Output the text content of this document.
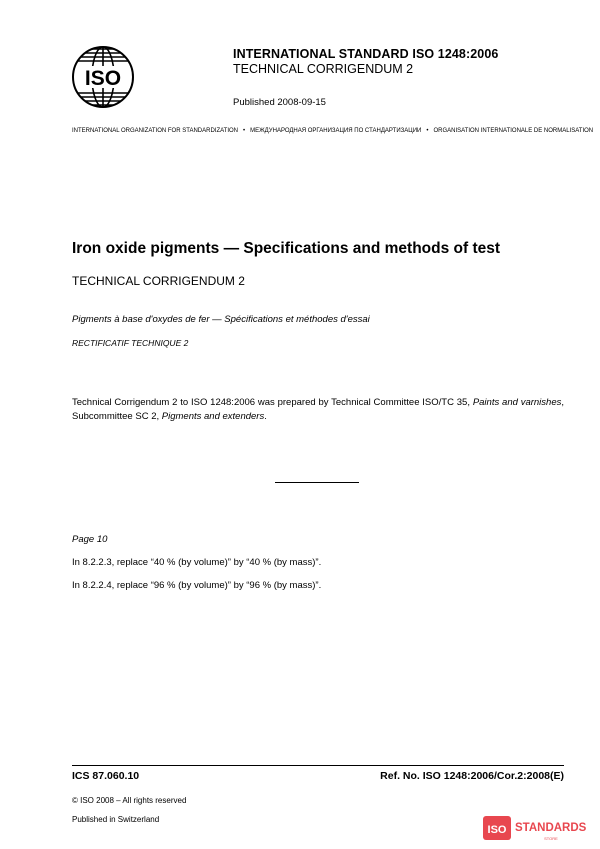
ISO
INTERNATIONAL STANDARD ISO 1248:2006
TECHNICAL CORRIGENDUM 2
Published 2008-09-15
INTERNATIONAL ORGANIZATION FOR STANDARDIZATION • МЕЖДУНАРОДНАЯ ОРГАНИЗАЦИЯ ПО СТАНДАРТИЗАЦИИ • ORGANISATION INTERNATIONALE DE NORMALISATION
Iron oxide pigments — Specifications and methods of test
TECHNICAL CORRIGENDUM 2
Pigments à base d'oxydes de fer — Spécifications et méthodes d'essai
RECTIFICATIF TECHNIQUE 2
Technical Corrigendum 2 to ISO 1248:2006 was prepared by Technical Committee ISO/TC 35, Paints and varnishes, Subcommittee SC 2, Pigments and extenders.
Page 10
In 8.2.2.3, replace “40 % (by volume)” by “40 % (by mass)”.
In 8.2.2.4, replace “96 % (by volume)” by “96 % (by mass)”.
ICS 87.060.10	Ref. No. ISO 1248:2006/Cor.2:2008(E)
© ISO 2008 – All rights reserved
Published in Switzerland
ISO STANDARDS
STORE
